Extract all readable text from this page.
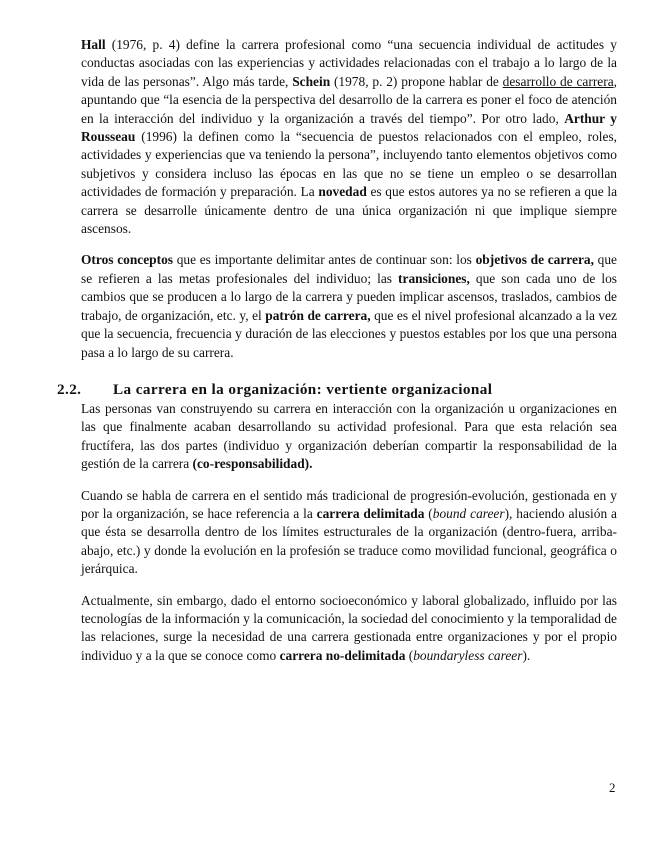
Hall (1976, p. 4) define la carrera profesional como “una secuencia individual de actitudes y conductas asociadas con las experiencias y actividades relacionadas con el trabajo a lo largo de la vida de las personas”. Algo más tarde, Schein (1978, p. 2) propone hablar de desarrollo de carrera, apuntando que “la esencia de la perspectiva del desarrollo de la carrera es poner el foco de atención en la interacción del individuo y la organización a través del tiempo”. Por otro lado, Arthur y Rousseau (1996) la definen como la “secuencia de puestos relacionados con el empleo, roles, actividades y experiencias que va teniendo la persona”, incluyendo tanto elementos objetivos como subjetivos y considera incluso las épocas en las que no se tiene un empleo o se desarrollan actividades de formación y preparación. La novedad es que estos autores ya no se refieren a que la carrera se desarrolle únicamente dentro de una única organización ni que implique siempre ascensos.

Otros conceptos que es importante delimitar antes de continuar son: los objetivos de carrera, que se refieren a las metas profesionales del individuo; las transiciones, que son cada uno de los cambios que se producen a lo largo de la carrera y pueden implicar ascensos, traslados, cambios de trabajo, de organización, etc. y, el patrón de carrera, que es el nivel profesional alcanzado a la vez que la secuencia, frecuencia y duración de las elecciones y puestos estables por los que una persona pasa a lo largo de su carrera.

2.2. La carrera en la organización: vertiente organizacional

Las personas van construyendo su carrera en interacción con la organización u organizaciones en las que finalmente acaban desarrollando su actividad profesional. Para que esta relación sea fructífera, las dos partes (individuo y organización deberían compartir la responsabilidad de la gestión de la carrera (co-responsabilidad).

Cuando se habla de carrera en el sentido más tradicional de progresión-evolución, gestionada en y por la organización, se hace referencia a la carrera delimitada (bound career), haciendo alusión a que ésta se desarrolla dentro de los límites estructurales de la organización (dentro-fuera, arriba-abajo, etc.) y donde la evolución en la profesión se traduce como movilidad funcional, geográfica o jerárquica.

Actualmente, sin embargo, dado el entorno socioeconómico y laboral globalizado, influido por las tecnologías de la información y la comunicación, la sociedad del conocimiento y la temporalidad de las relaciones, surge la necesidad de una carrera gestionada entre organizaciones y por el propio individuo y a la que se conoce como carrera no-delimitada (boundaryless career).

2
